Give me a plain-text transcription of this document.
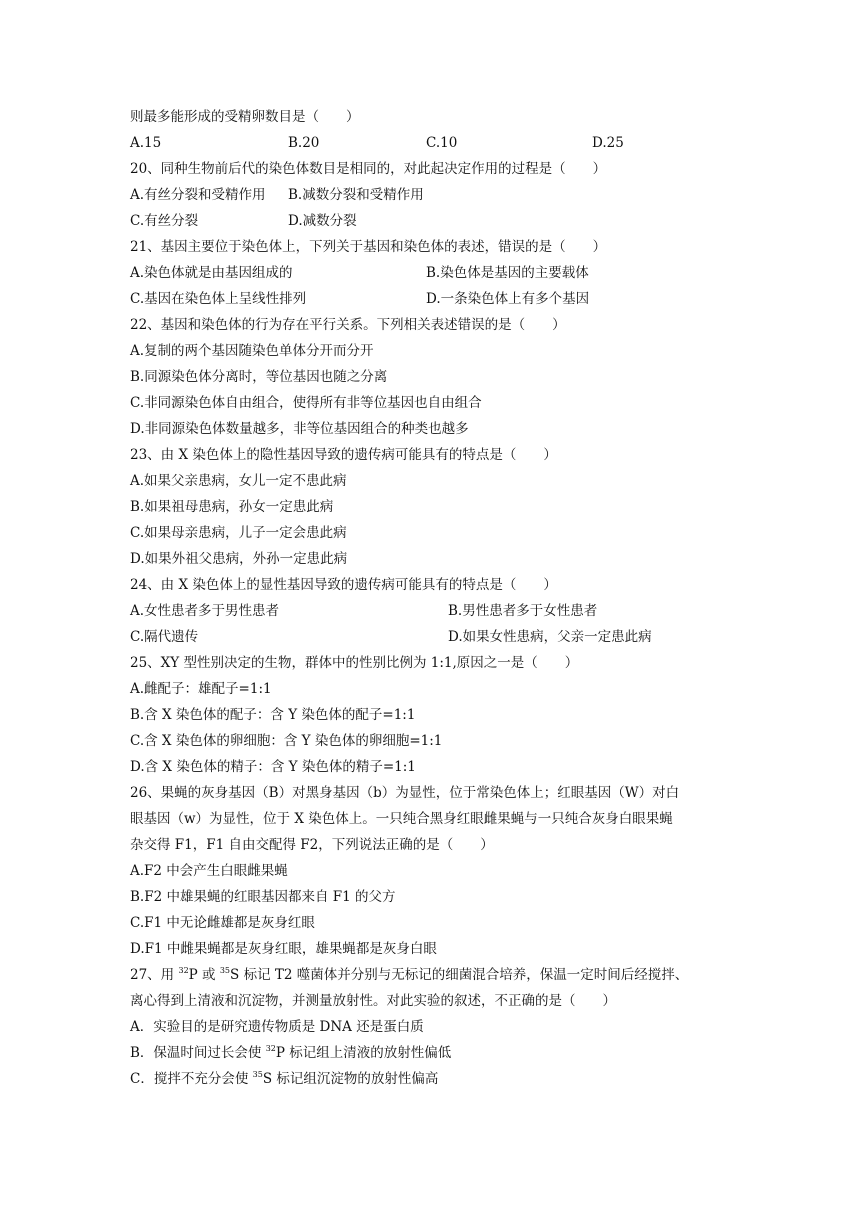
则最多能形成的受精卵数目是（　　）
A.15	B.20	C.10	D.25
20、同种生物前后代的染色体数目是相同的，对此起决定作用的过程是（　　）
A.有丝分裂和受精作用 B.减数分裂和受精作用
C.有丝分裂	D.减数分裂
21、基因主要位于染色体上，下列关于基因和染色体的表述，错误的是（　　）
A.染色体就是由基因组成的	B.染色体是基因的主要载体
C.基因在染色体上呈线性排列	D.一条染色体上有多个基因
22、基因和染色体的行为存在平行关系。下列相关表述错误的是（　　）
A.复制的两个基因随染色单体分开而分开
B.同源染色体分离时，等位基因也随之分离
C.非同源染色体自由组合，使得所有非等位基因也自由组合
D.非同源染色体数量越多，非等位基因组合的种类也越多
23、由 X 染色体上的隐性基因导致的遗传病可能具有的特点是（　　）
A.如果父亲患病，女儿一定不患此病
B.如果祖母患病，孙女一定患此病
C.如果母亲患病，儿子一定会患此病
D.如果外祖父患病，外孙一定患此病
24、由 X 染色体上的显性基因导致的遗传病可能具有的特点是（　　）
A.女性患者多于男性患者	B.男性患者多于女性患者
C.隔代遗传	D.如果女性患病，父亲一定患此病
25、XY 型性别决定的生物，群体中的性别比例为 1:1,原因之一是（　　）
A.雌配子：雄配子=1:1
B.含 X 染色体的配子：含 Y 染色体的配子=1:1
C.含 X 染色体的卵细胞：含 Y 染色体的卵细胞=1:1
D.含 X 染色体的精子：含 Y 染色体的精子=1:1
26、果蝇的灰身基因（B）对黑身基因（b）为显性，位于常染色体上；红眼基因（W）对白
眼基因（w）为显性，位于 X 染色体上。一只纯合黑身红眼雌果蝇与一只纯合灰身白眼果蝇
杂交得 F1，F1 自由交配得 F2，下列说法正确的是（　　）
A.F2 中会产生白眼雌果蝇
B.F2 中雄果蝇的红眼基因都来自 F1 的父方
C.F1 中无论雌雄都是灰身红眼
D.F1 中雌果蝇都是灰身红眼，雄果蝇都是灰身白眼
27、用 $^{32}$P 或 $^{35}$S 标记 T2 噬菌体并分别与无标记的细菌混合培养，保温一定时间后经搅拌、
离心得到上清液和沉淀物，并测量放射性。对此实验的叙述，不正确的是（　　）
A．实验目的是研究遗传物质是 DNA 还是蛋白质
B．保温时间过长会使 $^{32}$P 标记组上清液的放射性偏低
C．搅拌不充分会使 $^{35}$S 标记组沉淀物的放射性偏高
